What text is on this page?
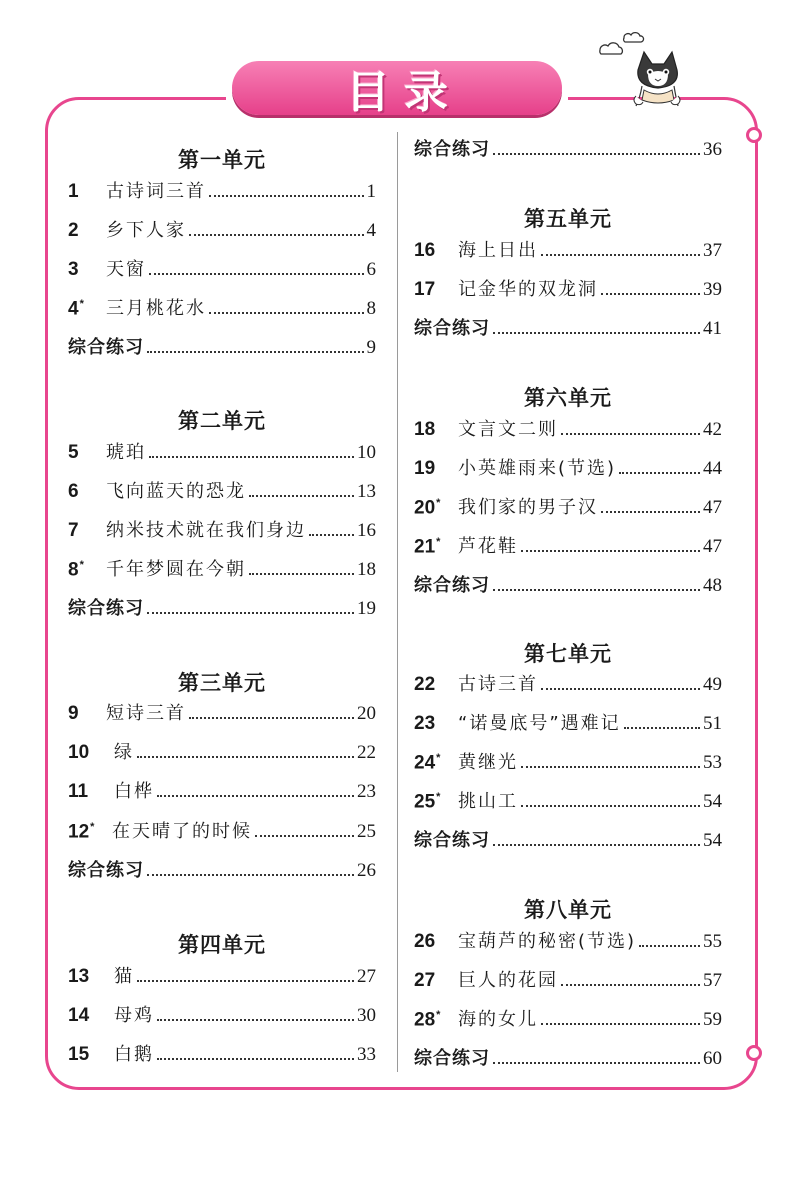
目录
第一单元
1	古诗词三首	1
2	乡下人家	4
3	天窗	6
4*	三月桃花水	8
综合练习	9
第二单元
5	琥珀	10
6	飞向蓝天的恐龙	13
7	纳米技术就在我们身边	16
8*	千年梦圆在今朝	18
综合练习	19
第三单元
9	短诗三首	20
10	绿	22
11	白桦	23
12* 在天晴了的时候	25
综合练习	26
第四单元
13	猫	27
14	母鸡	30
15	白鹅	33
综合练习	36
第五单元
16	海上日出	37
17	记金华的双龙洞	39
综合练习	41
第六单元
18	文言文二则	42
19	小英雄雨来(节选)	44
20* 我们家的男子汉	47
21* 芦花鞋	47
综合练习	48
第七单元
22	古诗三首	49
23	“诺曼底号”遇难记	51
24* 黄继光	53
25* 挑山工	54
综合练习	54
第八单元
26	宝葫芦的秘密(节选)	55
27	巨人的花园	57
28* 海的女儿	59
综合练习	60
